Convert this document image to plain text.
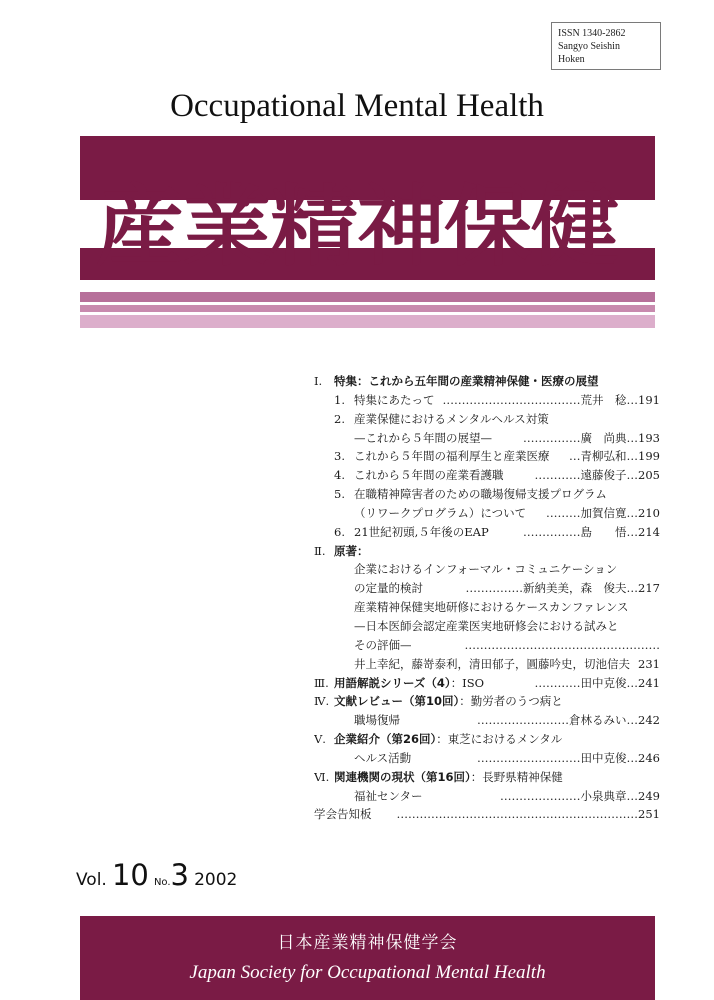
ISSN 1340-2862
Sangyo Seishin
Hoken
Occupational Mental Health
産業精神保健
Ⅰ. 特集：これから五年間の産業精神保健・医療の展望
1. 特集にあたって ………………………………荒井　稔…191
2. 産業保健におけるメンタルヘルス対策
—これから５年間の展望—	……………廣　尚典…193
3. これから５年間の福利厚生と産業医療 …青柳弘和…199
4. これから５年間の産業看護職	…………遠藤俊子…205
5. 在職精神障害者のための職場復帰支援プログラム
（リワークプログラム）について ………加賀信寛…210
6. 21世紀初頭,５年後のEAP	……………島　　悟…214
Ⅱ. 原著：
企業におけるインフォーマル・コミュニケーション
の定量的検討	……………新納美美，森　俊夫…217
産業精神保健実地研修におけるケースカンファレンス
—日本医師会認定産業医実地研修会における試みと
その評価—	……………………………………………
井上幸紀，藤嵜泰利，清田郁子，圓藤吟史，切池信夫 231
Ⅲ. 用語解説シリーズ（4）：ISO	…………田中克俊…241
Ⅳ. 文献レビュー（第10回）：勤労者のうつ病と
職場復帰	……………………倉林るみい…242
Ⅴ. 企業紹介（第26回）：東芝におけるメンタル
ヘルス活動	………………………田中克俊…246
Ⅵ. 関連機関の現状（第16回）：長野県精神保健
福祉センター	…………………小泉典章…249
学会告知板 ………………………………………………………251
Vol. 10 No.3 2002
日本産業精神保健学会
Japan Society for Occupational Mental Health
